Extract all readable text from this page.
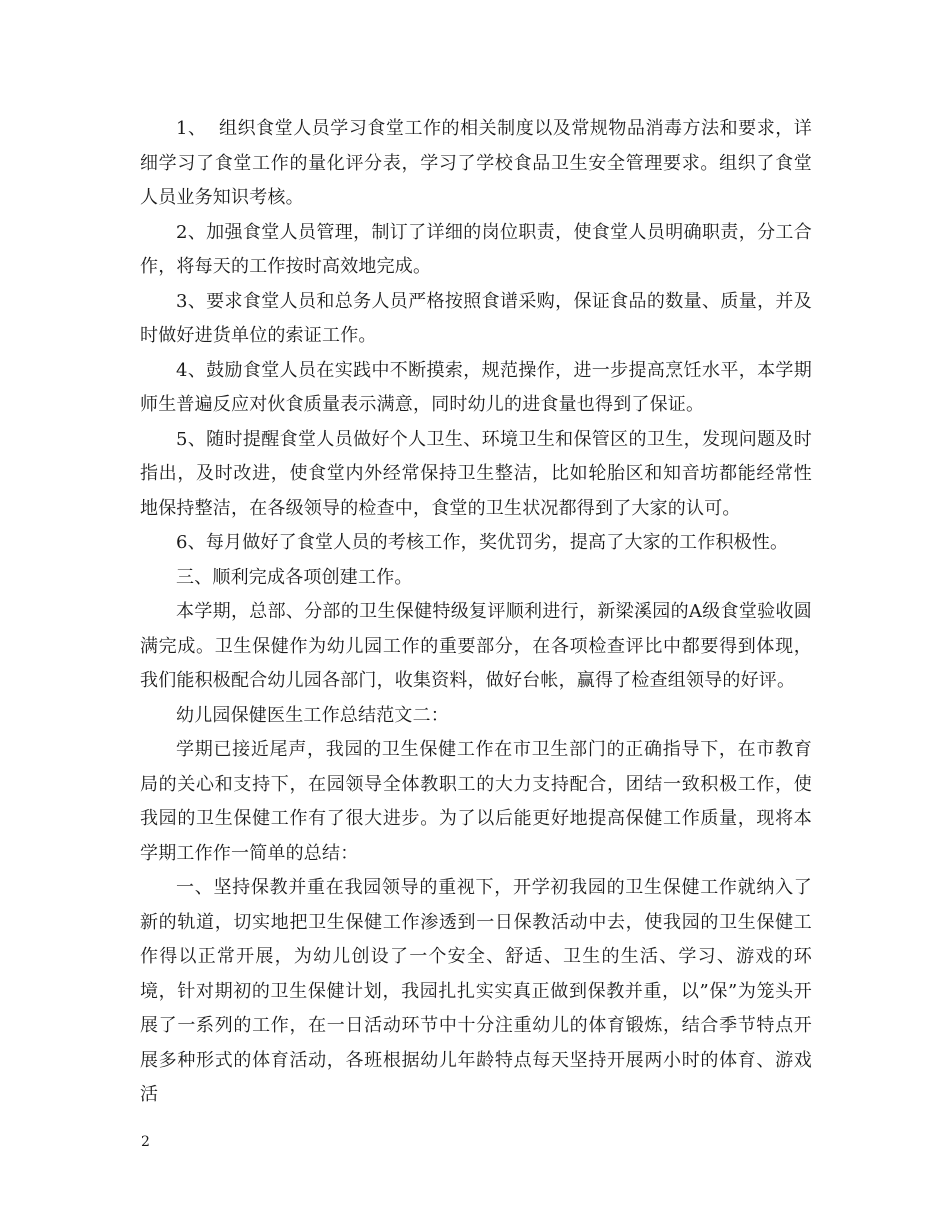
1、  组织食堂人员学习食堂工作的相关制度以及常规物品消毒方法和要求，详细学习了食堂工作的量化评分表，学习了学校食品卫生安全管理要求。组织了食堂人员业务知识考核。

2、加强食堂人员管理，制订了详细的岗位职责，使食堂人员明确职责，分工合作，将每天的工作按时高效地完成。

3、要求食堂人员和总务人员严格按照食谱采购，保证食品的数量、质量，并及时做好进货单位的索证工作。

4、鼓励食堂人员在实践中不断摸索，规范操作，进一步提高烹饪水平，本学期师生普遍反应对伙食质量表示满意，同时幼儿的进食量也得到了保证。

5、随时提醒食堂人员做好个人卫生、环境卫生和保管区的卫生，发现问题及时指出，及时改进，使食堂内外经常保持卫生整洁，比如轮胎区和知音坊都能经常性地保持整洁，在各级领导的检查中，食堂的卫生状况都得到了大家的认可。

6、每月做好了食堂人员的考核工作，奖优罚劣，提高了大家的工作积极性。

三、顺利完成各项创建工作。

本学期，总部、分部的卫生保健特级复评顺利进行，新梁溪园的A级食堂验收圆满完成。卫生保健作为幼儿园工作的重要部分，在各项检查评比中都要得到体现，我们能积极配合幼儿园各部门，收集资料，做好台帐，赢得了检查组领导的好评。

幼儿园保健医生工作总结范文二：

学期已接近尾声，我园的卫生保健工作在市卫生部门的正确指导下，在市教育局的关心和支持下，在园领导全体教职工的大力支持配合，团结一致积极工作，使我园的卫生保健工作有了很大进步。为了以后能更好地提高保健工作质量，现将本学期工作作一简单的总结：

一、坚持保教并重在我园领导的重视下，开学初我园的卫生保健工作就纳入了新的轨道，切实地把卫生保健工作渗透到一日保教活动中去，使我园的卫生保健工作得以正常开展，为幼儿创设了一个安全、舒适、卫生的生活、学习、游戏的环境，针对期初的卫生保健计划，我园扎扎实实真正做到保教并重，以”保”为笼头开展了一系列的工作，在一日活动环节中十分注重幼儿的体育锻炼，结合季节特点开展多种形式的体育活动，各班根据幼儿年龄特点每天坚持开展两小时的体育、游戏活

2
